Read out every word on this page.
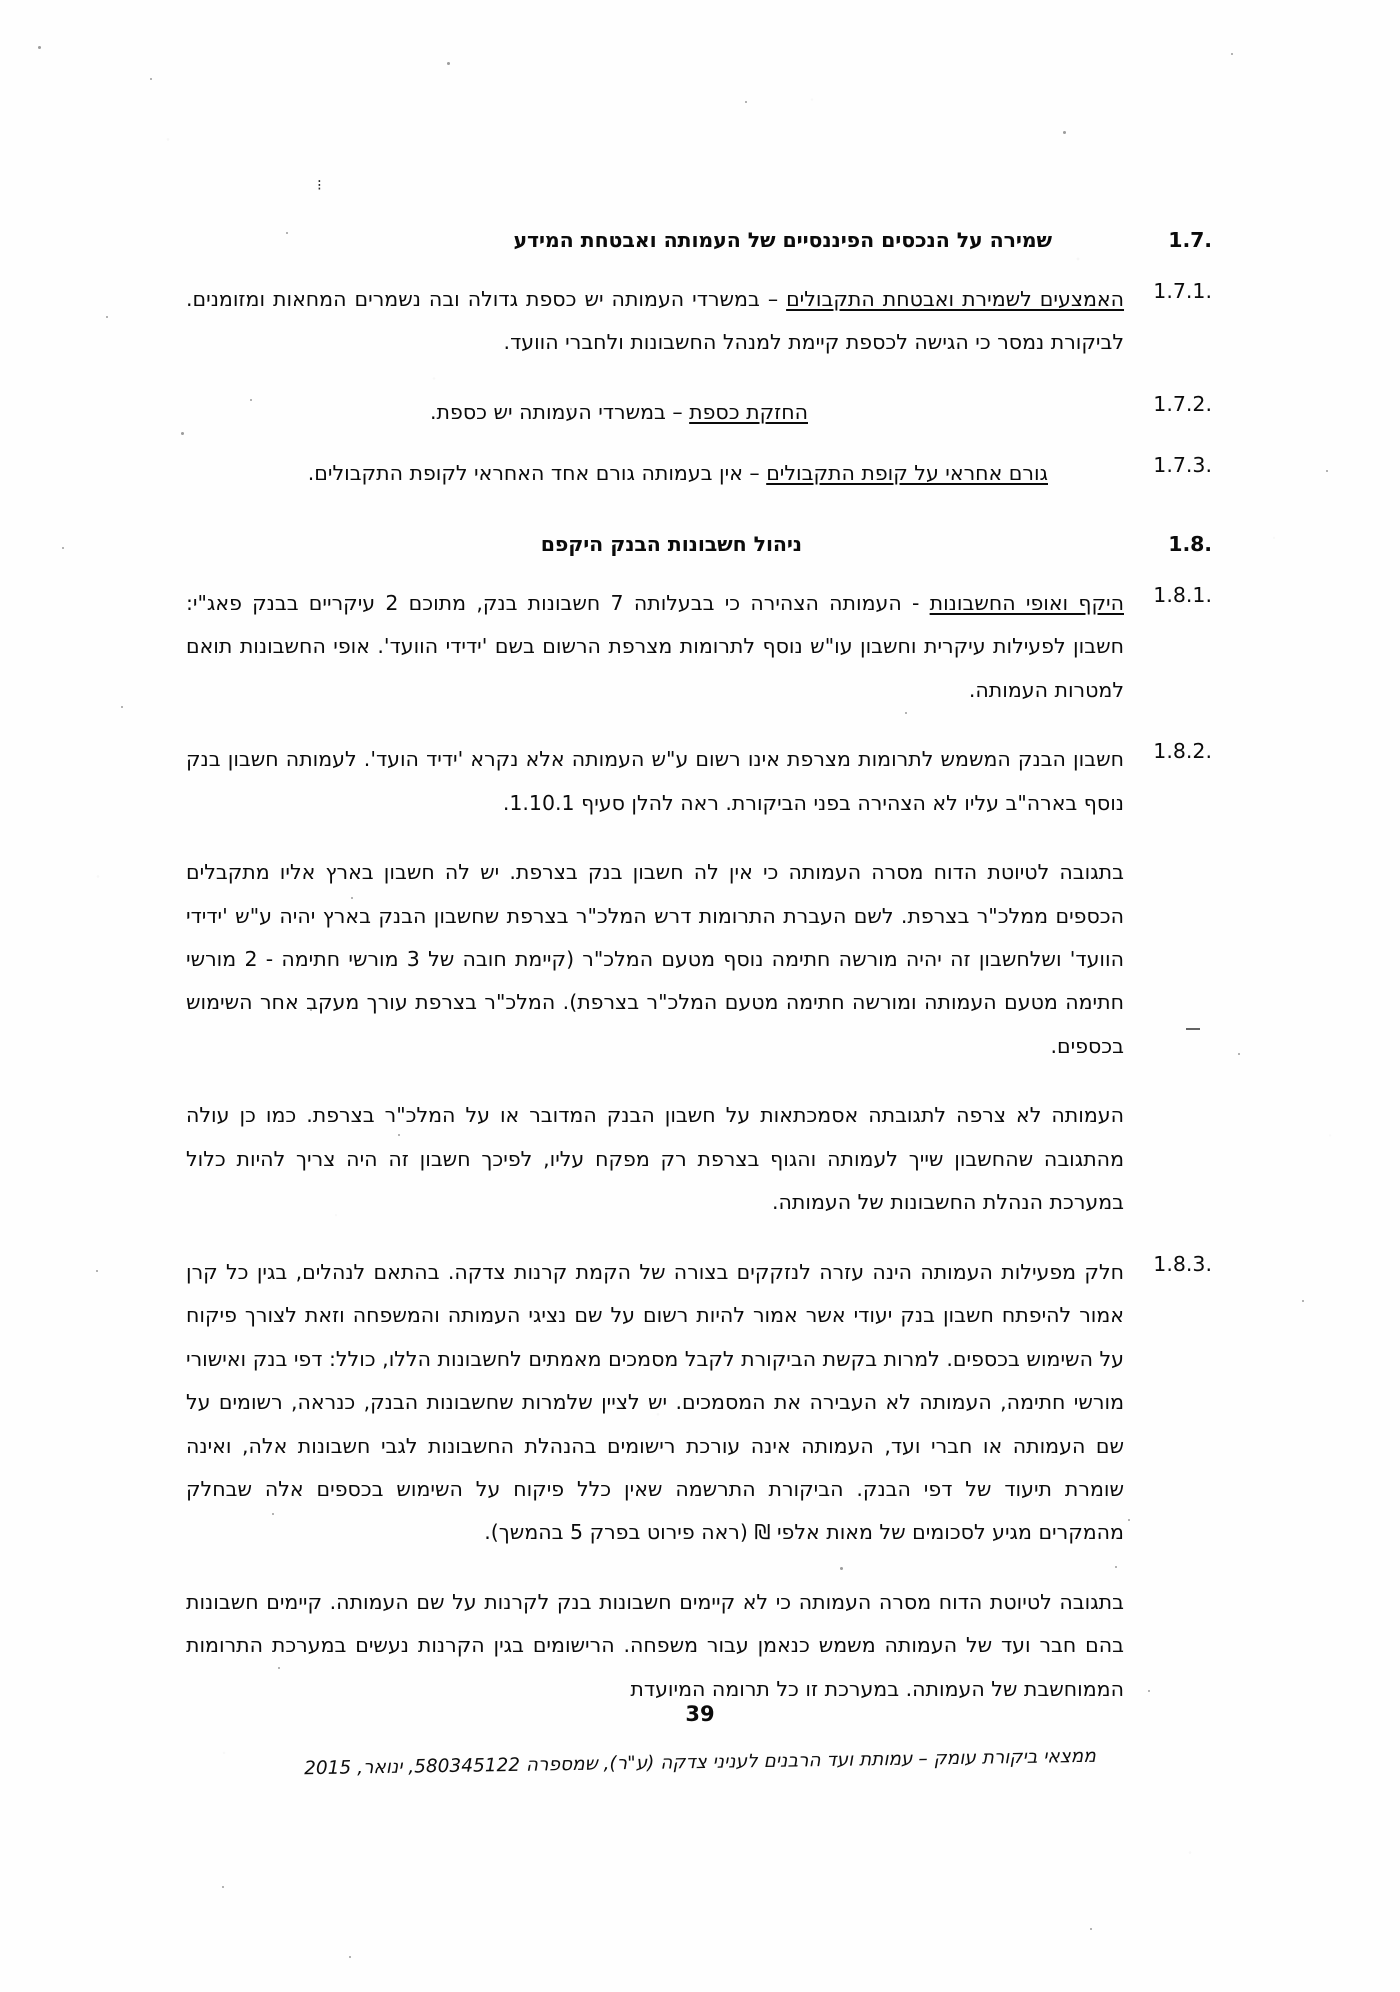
⁝
1.7 .
שמירה על הנכסים הפיננסיים של העמותה ואבטחת המידע
1.7.1 .
האמצעים לשמירת ואבטחת התקבולים – במשרדי העמותה יש כספת גדולה ובה נשמרים המחאות ומזומנים. לביקורת נמסר כי הגישה לכספת קיימת למנהל החשבונות ולחברי הוועד.
1.7.2 .
החזקת כספת – במשרדי העמותה יש כספת.
1.7.3 .
גורם אחראי על קופת התקבולים – אין בעמותה גורם אחד האחראי לקופת התקבולים.
1.8 .
ניהול חשבונות הבנק היקפם
1.8.1 .
היקף ואופי החשבונות - העמותה הצהירה כי בבעלותה 7 חשבונות בנק, מתוכם 2 עיקריים בבנק פאג"י: חשבון לפעילות עיקרית וחשבון עו"ש נוסף לתרומות מצרפת הרשום בשם 'ידידי הוועד'. אופי החשבונות תואם למטרות העמותה.
1.8.2 .
חשבון הבנק המשמש לתרומות מצרפת אינו רשום ע"ש העמותה אלא נקרא 'ידיד הועד'. לעמותה חשבון בנק נוסף בארה"ב עליו לא הצהירה בפני הביקורת. ראה להלן סעיף 1.10.1.
בתגובה לטיוטת הדוח מסרה העמותה כי אין לה חשבון בנק בצרפת. יש לה חשבון בארץ אליו מתקבלים הכספים ממלכ"ר בצרפת. לשם העברת התרומות דרש המלכ"ר בצרפת שחשבון הבנק בארץ יהיה ע"ש 'ידידי הוועד' ושלחשבון זה יהיה מורשה חתימה נוסף מטעם המלכ"ר (קיימת חובה של 3 מורשי חתימה - 2 מורשי חתימה מטעם העמותה ומורשה חתימה מטעם המלכ"ר בצרפת). המלכ"ר בצרפת עורך מעקב אחר השימוש בכספים.
העמותה לא צרפה לתגובתה אסמכתאות על חשבון הבנק המדובר או על המלכ"ר בצרפת. כמו כן עולה מהתגובה שהחשבון שייך לעמותה והגוף בצרפת רק מפקח עליו, לפיכך חשבון זה היה צריך להיות כלול במערכת הנהלת החשבונות של העמותה.
1.8.3 .
חלק מפעילות העמותה הינה עזרה לנזקקים בצורה של הקמת קרנות צדקה. בהתאם לנהלים, בגין כל קרן אמור להיפתח חשבון בנק יעודי אשר אמור להיות רשום על שם נציגי העמותה והמשפחה וזאת לצורך פיקוח על השימוש בכספים. למרות בקשת הביקורת לקבל מסמכים מאמתים לחשבונות הללו, כולל: דפי בנק ואישורי מורשי חתימה, העמותה לא העבירה את המסמכים. יש לציין שלמרות שחשבונות הבנק, כנראה, רשומים על שם העמותה או חברי ועד, העמותה אינה עורכת רישומים בהנהלת החשבונות לגבי חשבונות אלה, ואינה שומרת תיעוד של דפי הבנק. הביקורת התרשמה שאין כלל פיקוח על השימוש בכספים אלה שבחלק מהמקרים מגיע לסכומים של מאות אלפי ₪ (ראה פירוט בפרק 5 בהמשך).
בתגובה לטיוטת הדוח מסרה העמותה כי לא קיימים חשבונות בנק לקרנות על שם העמותה. קיימים חשבונות בהם חבר ועד של העמותה משמש כנאמן עבור משפחה. הרישומים בגין הקרנות נעשים במערכת התרומות הממוחשבת של העמותה. במערכת זו כל תרומה המיועדת
39
ממצאי ביקורת עומק – עמותת ועד הרבנים לעניני צדקה (ע"ר), שמספרה 580345122, ינואר, 2015
